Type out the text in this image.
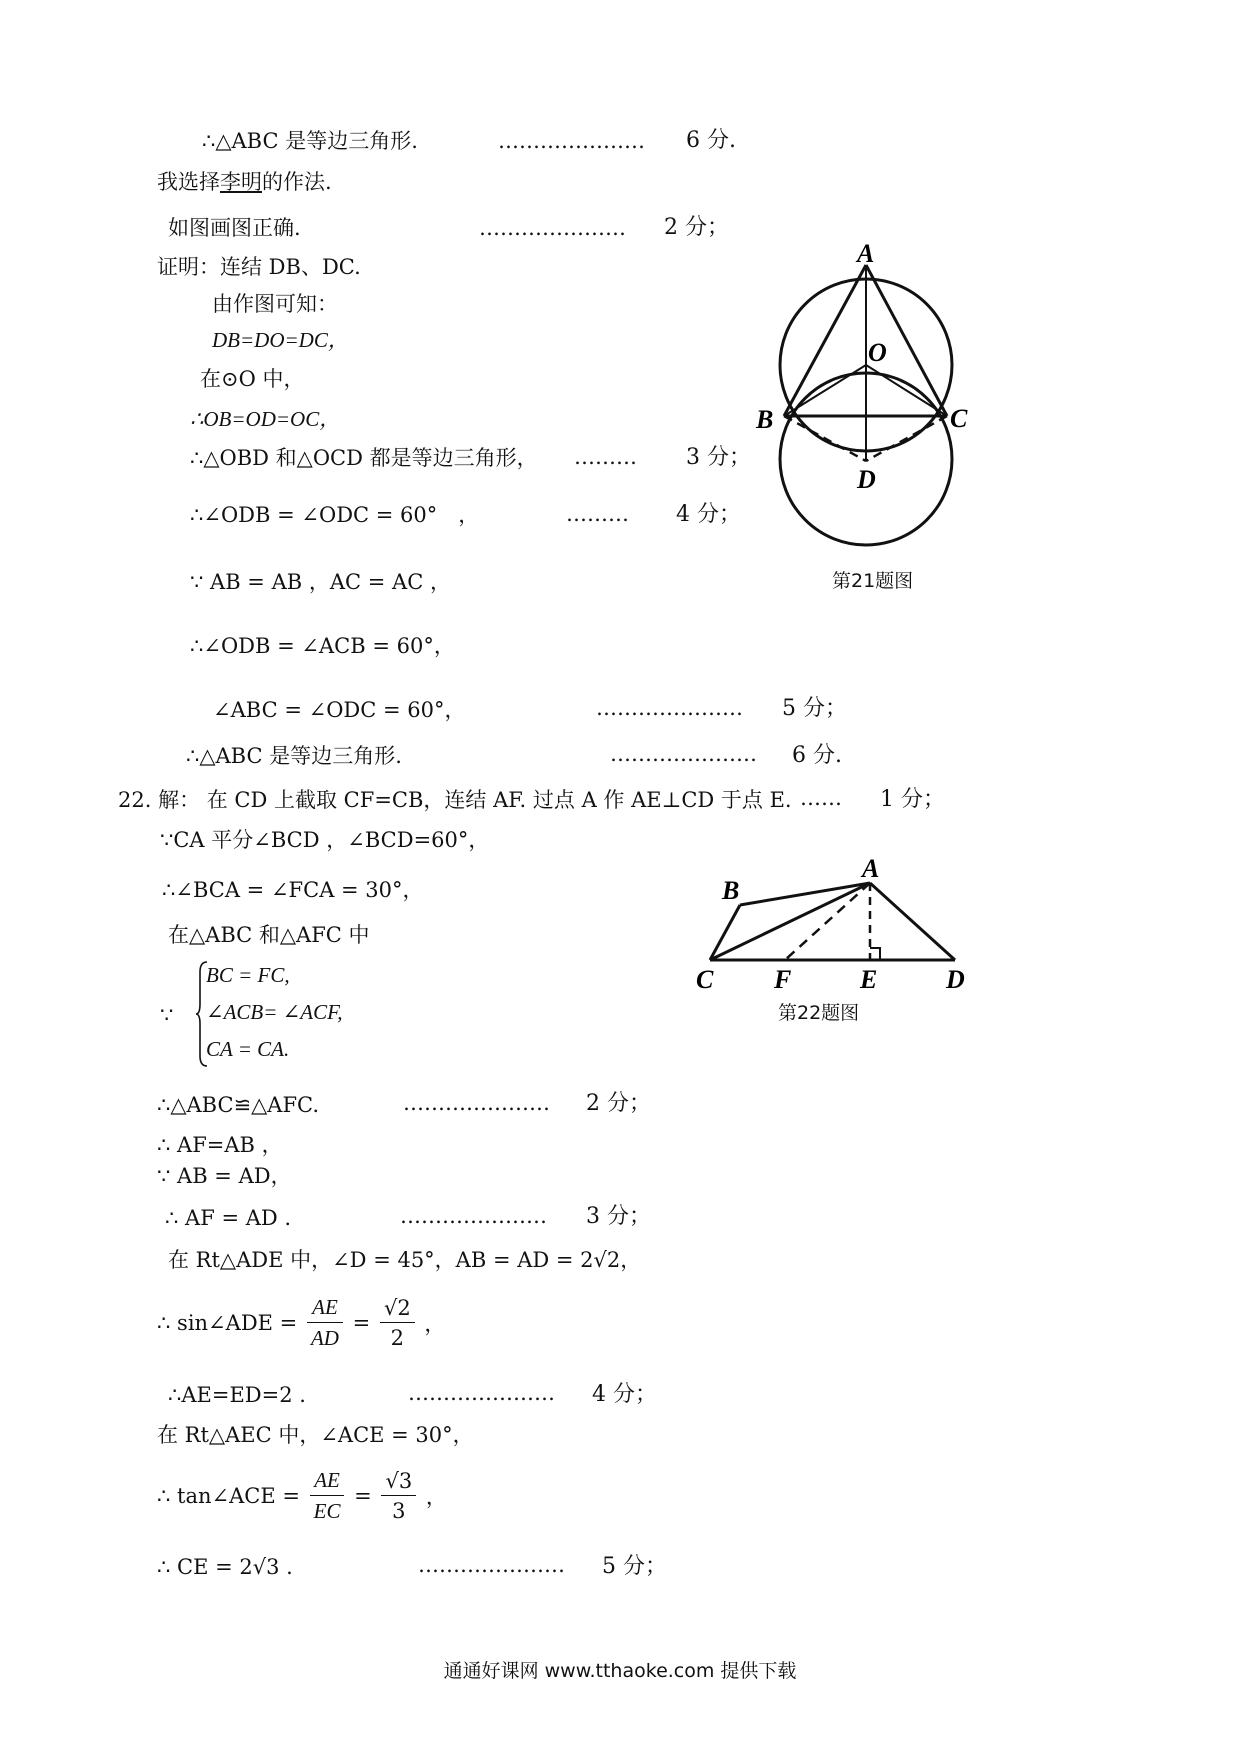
∴△ABC 是等边三角形.	………………… 6 分.
我选择李明的作法.
如图画图正确.	………………… 2 分；
证明：连结 DB、DC.
由作图可知：
DB=DO=DC，
在⊙O 中，
∴OB=OD=OC，
∴△OBD 和△OCD 都是等边三角形， ……… 3 分；
∴∠ODB = ∠ODC = 60°　，	……… 4 分；
∵ AB = AB ，AC = AC ，
∴∠ODB = ∠ACB = 60°，
∠ABC = ∠ODC = 60°，	………………… 5 分；
∴△ABC 是等边三角形.	………………… 6 分.
A
O
B	C
D
第21题图
22. 解： 在 CD 上截取 CF=CB，连结 AF. 过点 A 作 AE⊥CD 于点 E. …… 1 分；
∵CA 平分∠BCD ，∠BCD=60°，
∴∠BCA = ∠FCA = 30°，
在△ABC 和△AFC 中
∵
BC = FC,
∠ACB= ∠ACF,
CA = CA.
∴△ABC≌△AFC.	………………… 2 分；
∴ AF=AB ，
∵ AB = AD，
∴ AF = AD .	………………… 3 分；
在 Rt△ADE 中，∠D = 45°，AB = AD = 2√2，
∴ sin∠ADE = $\frac{AE}{AD} = \frac{√2}{2}$ ，
∴AE=ED=2 .	………………… 4 分；
在 Rt△AEC 中，∠ACE = 30°，
∴ tan∠ACE = $\frac{AE}{EC} = \frac{√3}{3}$ ，
∴ CE = 2√3 .	………………… 5 分；
A
B
C F	E	D
第22题图
通通好课网 www.tthaoke.com 提供下载
